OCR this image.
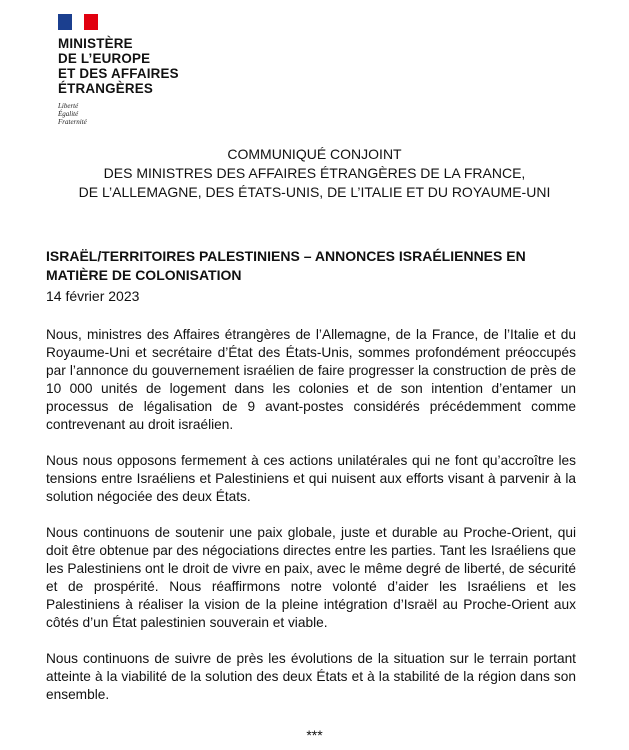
MINISTÈRE
DE L’EUROPE
ET DES AFFAIRES
ÉTRANGÈRES
Liberté
Égalité
Fraternité
COMMUNIQUÉ CONJOINT
DES MINISTRES DES AFFAIRES ÉTRANGÈRES DE LA FRANCE,
DE L’ALLEMAGNE, DES ÉTATS-UNIS, DE L’ITALIE ET DU ROYAUME-UNI
ISRAËL/TERRITOIRES PALESTINIENS – ANNONCES ISRAÉLIENNES EN MATIÈRE DE COLONISATION
14 février 2023

Nous, ministres des Affaires étrangères de l’Allemagne, de la France, de l’Italie et du Royaume-Uni et secrétaire d’État des États-Unis, sommes profondément préoccupés par l’annonce du gouvernement israélien de faire progresser la construction de près de 10 000 unités de logement dans les colonies et de son intention d’entamer un processus de légalisation de 9 avant-postes considérés précédemment comme contrevenant au droit israélien.

Nous nous opposons fermement à ces actions unilatérales qui ne font qu’accroître les tensions entre Israéliens et Palestiniens et qui nuisent aux efforts visant à parvenir à la solution négociée des deux États.

Nous continuons de soutenir une paix globale, juste et durable au Proche-Orient, qui doit être obtenue par des négociations directes entre les parties. Tant les Israéliens que les Palestiniens ont le droit de vivre en paix, avec le même degré de liberté, de sécurité et de prospérité. Nous réaffirmons notre volonté d’aider les Israéliens et les Palestiniens à réaliser la vision de la pleine intégration d’Israël au Proche-Orient aux côtés d’un État palestinien souverain et viable.

Nous continuons de suivre de près les évolutions de la situation sur le terrain portant atteinte à la viabilité de la solution des deux États et à la stabilité de la région dans son ensemble.

***
